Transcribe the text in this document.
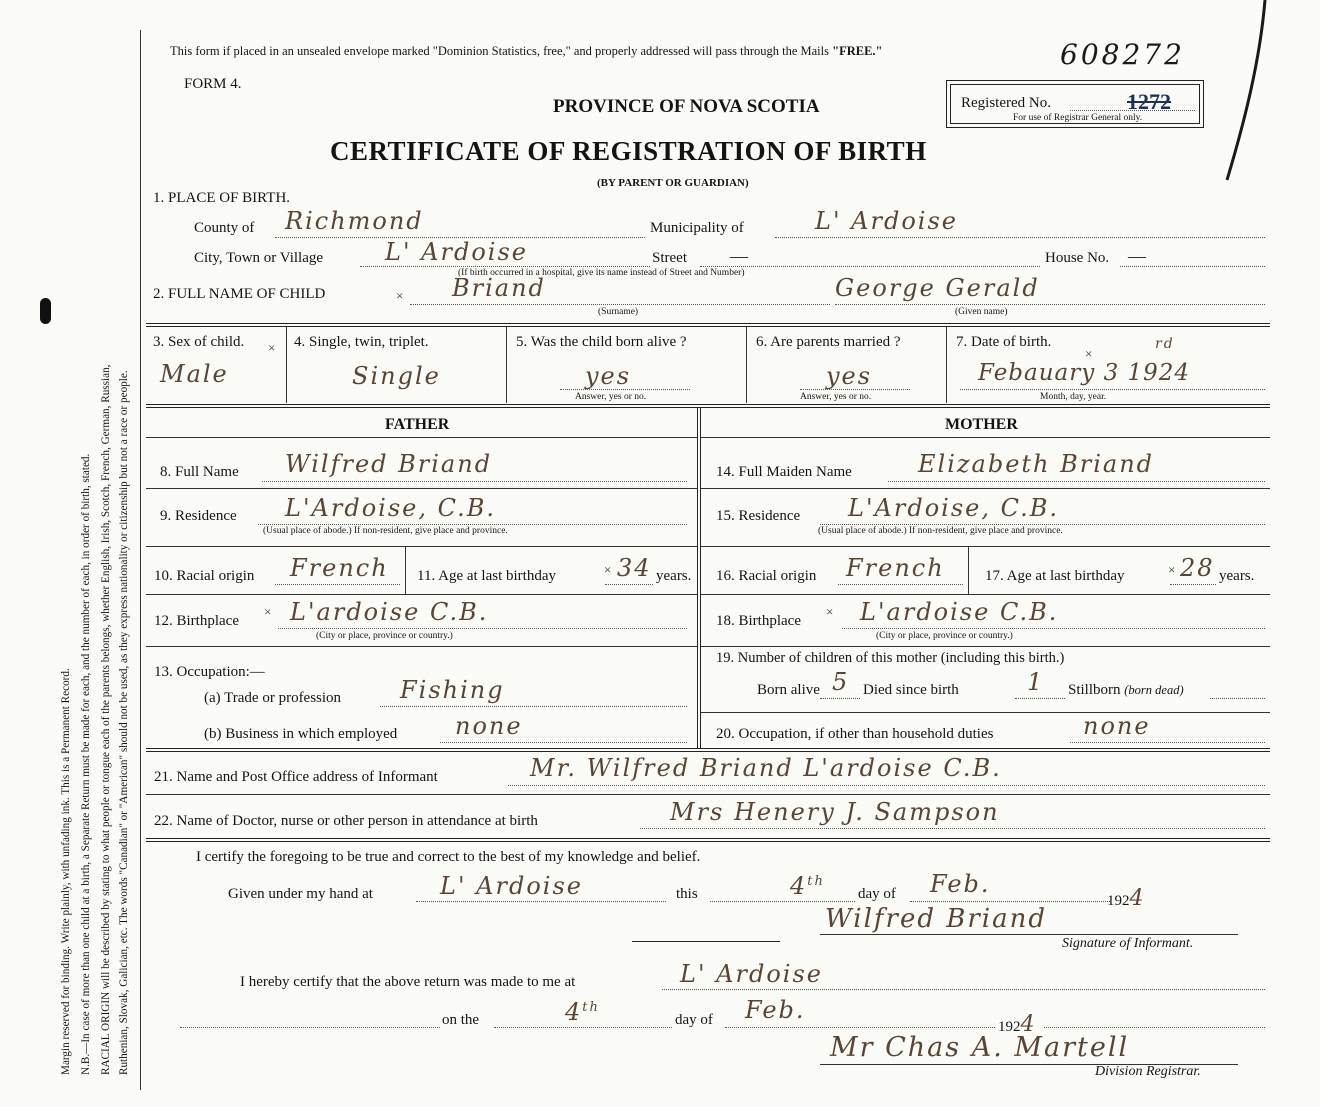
Margin reserved for binding. Write plainly, with unfading ink. This is a Permanent Record. N.B.—In case of more than one child at a birth, a Separate Return must be made for each, and the number of each, in order of birth, stated. RACIAL ORIGIN will be described by stating to what people or tongue each of the parents belongs, whether English, Irish, Scotch, French, German, Russian, Ruthenian, Slovak, Galician, etc. The words "Canadian" or "American" should not be used, as they express nationality or citizenship but not a race or people.
This form if placed in an unsealed envelope marked "Dominion Statistics, free," and properly addressed will pass through the Mails "FREE."	608272
FORM 4.
PROVINCE OF NOVA SCOTIA
CERTIFICATE OF REGISTRATION OF BIRTH
(BY PARENT OR GUARDIAN)
Registered No.	1272
For use of Registrar General only.
1. PLACE OF BIRTH.
County of Richmond	Municipality of	L' Ardoise
City, Town or Village	L' Ardoise	Street —	House No. —
(If birth occurred in a hospital, give its name instead of Street and Number)
2. FULL NAME OF CHILD	× Briand	George Gerald
(Surname)	(Given name)
3. Sex of child. ×
Male
4. Single, twin, triplet.
Single
5. Was the child born alive ?
yes
Answer, yes or no.
6. Are parents married ?
yes
Answer, yes or no.
7. Date of birth.
×
rd
Febauary 3 1924
Month, day, year.
FATHER	MOTHER
8. Full Name Wilfred Briand
9. Residence L'Ardoise, C.B.
(Usual place of abode.) If non-resident, give place and province.
10. Racial origin French 11. Age at last birthday	× 34 years.
12. Birthplace
× L'ardoise C.B.
(City or place, province or country.)
13. Occupation:—
(a) Trade or profession Fishing
(b) Business in which employed none
14. Full Maiden Name	Elizabeth Briand
15. Residence L'Ardoise, C.B.
(Usual place of abode.) If non-resident, give place and province.
16. Racial origin French	17. Age at last birthday	× 28 years.
18. Birthplace
× L'ardoise C.B.
(City or place, province or country.)
19. Number of children of this mother (including this birth.)
Born alive 5 Died since birth	1 Stillborn (born dead)
20. Occupation, if other than household duties	none
21. Name and Post Office address of Informant	Mr. Wilfred Briand L'ardoise C.B.
22. Name of Doctor, nurse or other person in attendance at birth	Mrs Henery J. Sampson
I certify the foregoing to be true and correct to the best of my knowledge and belief.
Given under my hand at	L' Ardoise	this	4th
day of Feb.
1924
Wilfred Briand
Signature of Informant.
I hereby certify that the above return was made to me at	L' Ardoise
on the	4th
day of Feb.
1924
Mr Chas A. Martell
Division Registrar.
